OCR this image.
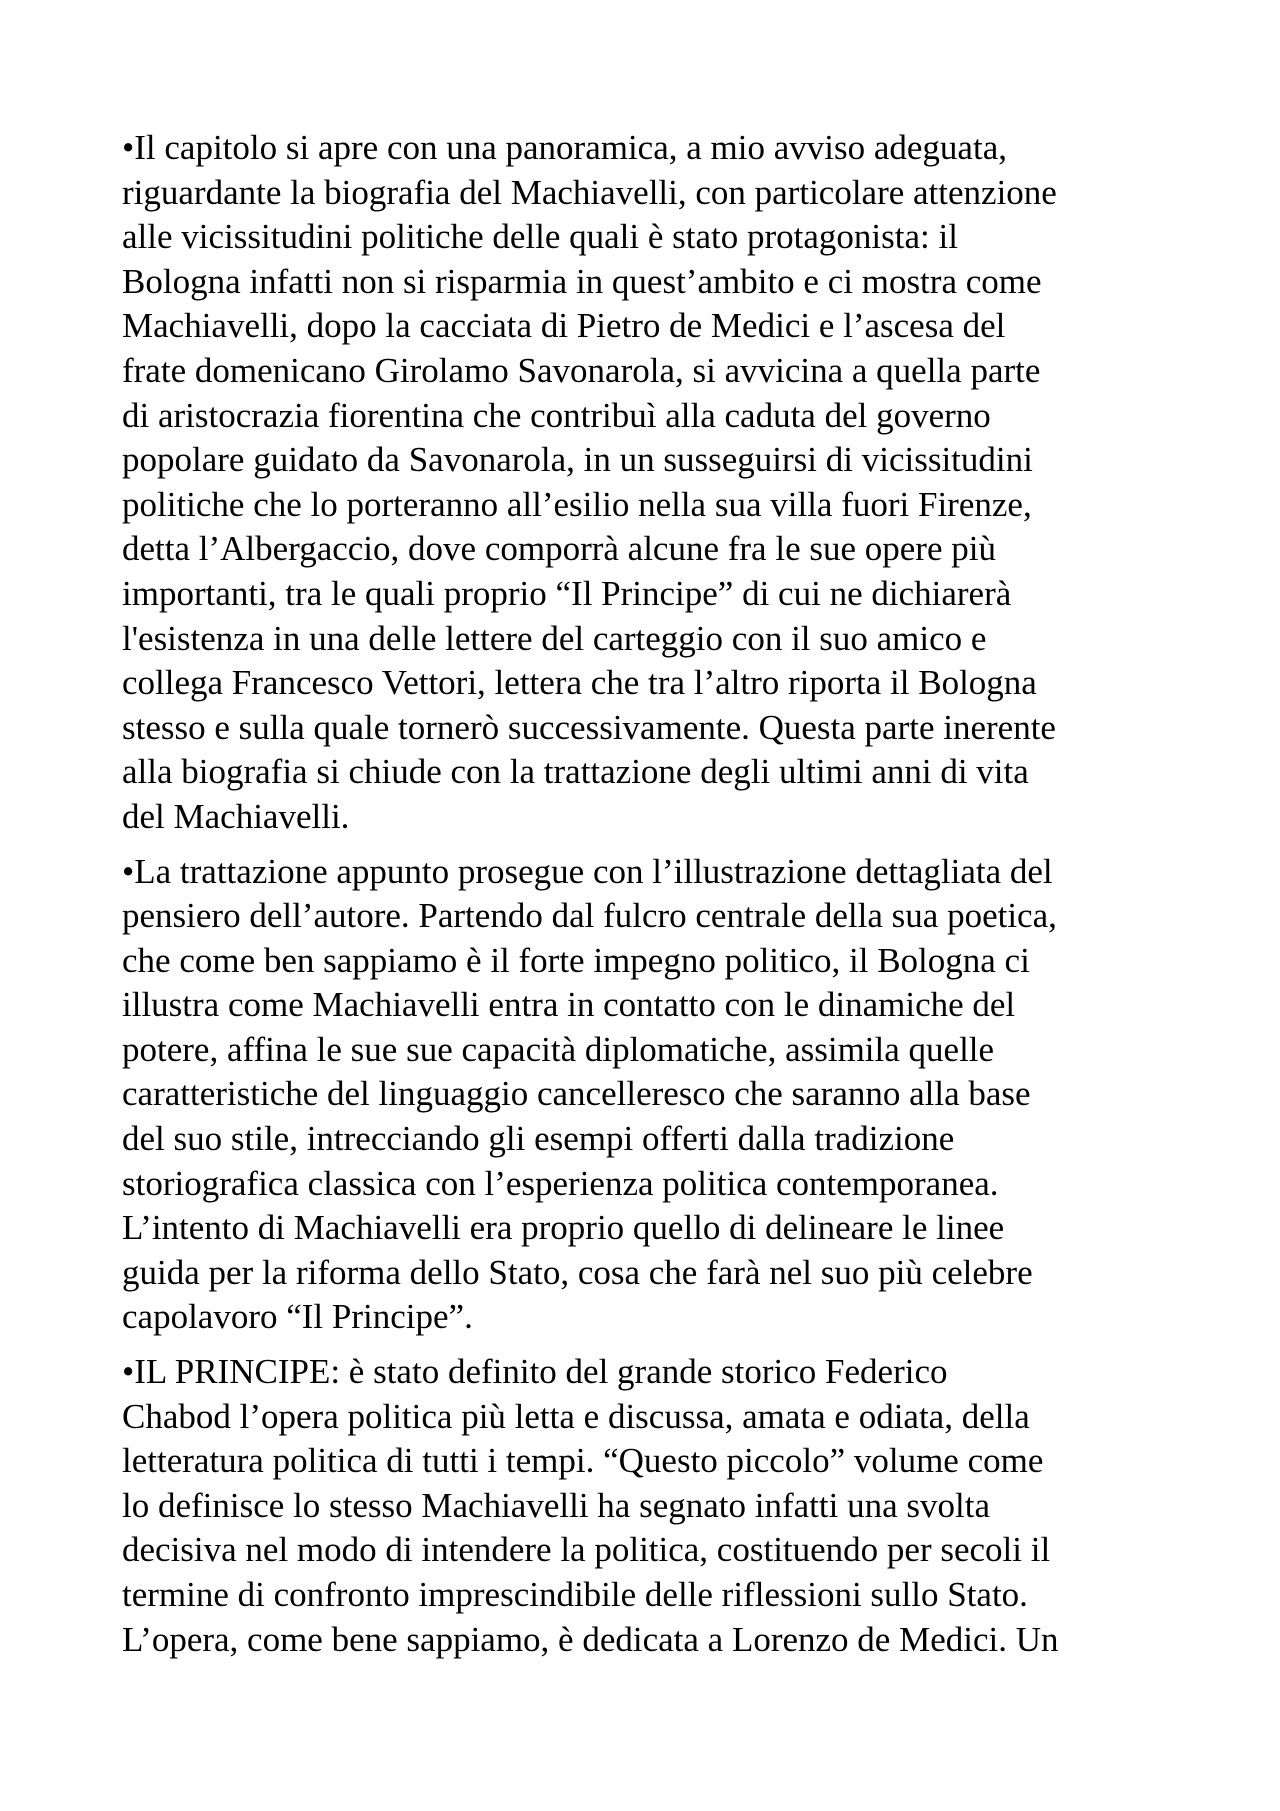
•Il capitolo si apre con una panoramica, a mio avviso adeguata,
riguardante la biografia del Machiavelli, con particolare attenzione
alle vicissitudini politiche delle quali è stato protagonista: il
Bologna infatti non si risparmia in quest’ambito e ci mostra come
Machiavelli, dopo la cacciata di Pietro de Medici e l’ascesa del
frate domenicano Girolamo Savonarola, si avvicina a quella parte
di aristocrazia fiorentina che contribuì alla caduta del governo
popolare guidato da Savonarola, in un susseguirsi di vicissitudini
politiche che lo porteranno all’esilio nella sua villa fuori Firenze,
detta l’Albergaccio, dove comporrà alcune fra le sue opere più
importanti, tra le quali proprio “Il Principe” di cui ne dichiarerà
l'esistenza in una delle lettere del carteggio con il suo amico e
collega Francesco Vettori, lettera che tra l’altro riporta il Bologna
stesso e sulla quale tornerò successivamente. Questa parte inerente
alla biografia si chiude con la trattazione degli ultimi anni di vita
del Machiavelli.

•La trattazione appunto prosegue con l’illustrazione dettagliata del
pensiero dell’autore. Partendo dal fulcro centrale della sua poetica,
che come ben sappiamo è il forte impegno politico, il Bologna ci
illustra come Machiavelli entra in contatto con le dinamiche del
potere, affina le sue sue capacità diplomatiche, assimila quelle
caratteristiche del linguaggio cancelleresco che saranno alla base
del suo stile, intrecciando gli esempi offerti dalla tradizione
storiografica classica con l’esperienza politica contemporanea.
L’intento di Machiavelli era proprio quello di delineare le linee
guida per la riforma dello Stato, cosa che farà nel suo più celebre
capolavoro “Il Principe”.

•IL PRINCIPE: è stato definito del grande storico Federico
Chabod l’opera politica più letta e discussa, amata e odiata, della
letteratura politica di tutti i tempi. “Questo piccolo” volume come
lo definisce lo stesso Machiavelli ha segnato infatti una svolta
decisiva nel modo di intendere la politica, costituendo per secoli il
termine di confronto imprescindibile delle riflessioni sullo Stato.
L’opera, come bene sappiamo, è dedicata a Lorenzo de Medici. Un
